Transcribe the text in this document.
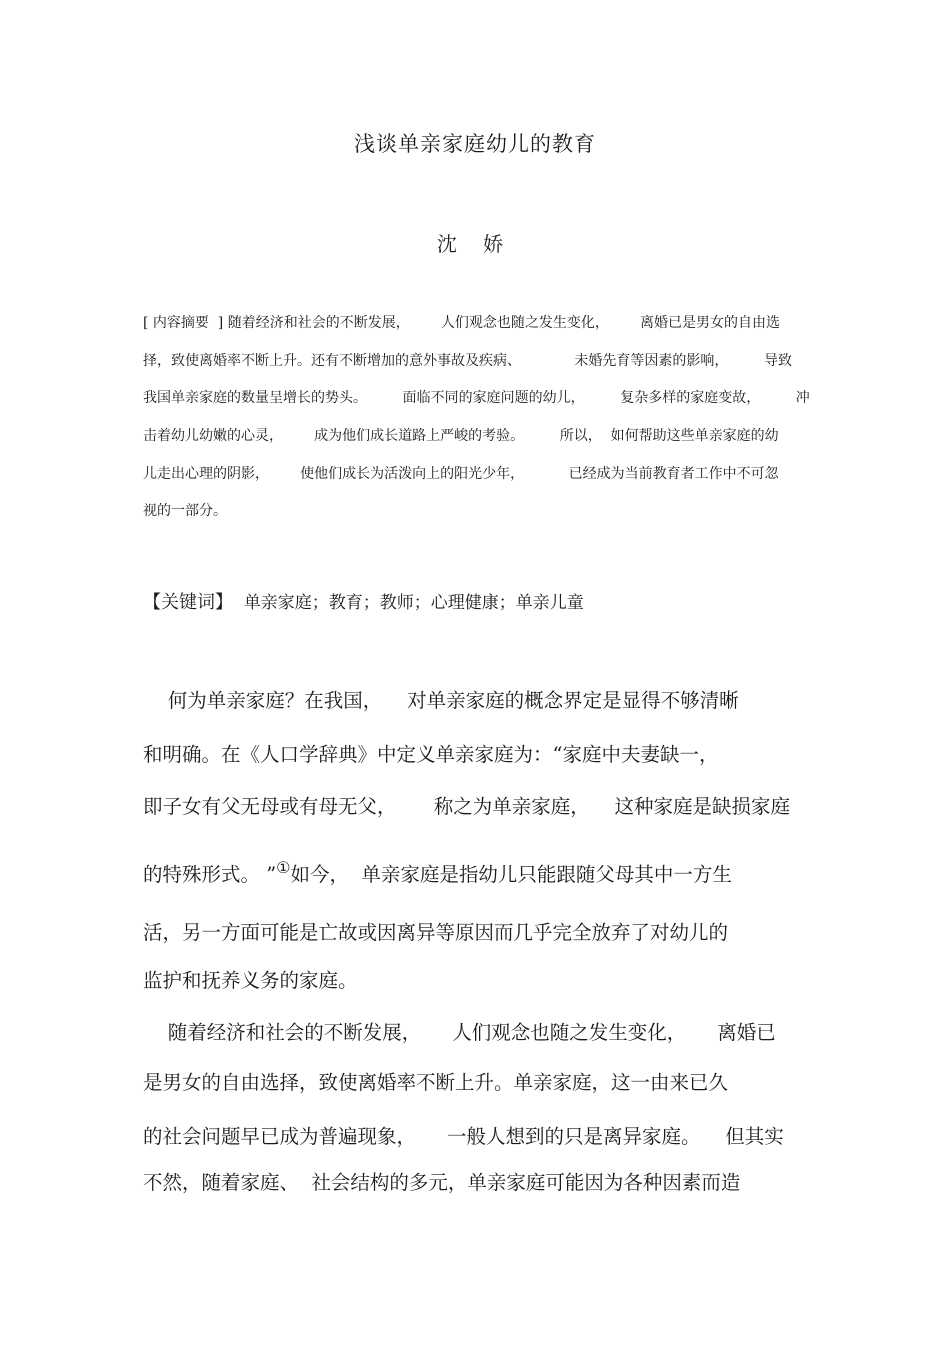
浅谈单亲家庭幼儿的教育
沈 娇
[ 内容摘要  ] 随着经济和社会的不断发展，       人们观念也随之发生变化，       离婚已是男女的自由选
择，致使离婚率不断上升。还有不断增加的意外事故及疾病、            未婚先育等因素的影响，        导致
我国单亲家庭的数量呈增长的势头。        面临不同的家庭问题的幼儿，        复杂多样的家庭变故，        冲
击着幼儿幼嫩的心灵，       成为他们成长道路上严峻的考验。        所以，  如何帮助这些单亲家庭的幼
儿走出心理的阴影，       使他们成长为活泼向上的阳光少年，          已经成为当前教育者工作中不可忽
视的一部分。
【关键词】 单亲家庭；教育；教师；心理健康；单亲儿童
何为单亲家庭？在我国，    对单亲家庭的概念界定是显得不够清晰
和明确。在《人口学辞典》中定义单亲家庭为：“家庭中夫妻缺一，
即子女有父无母或有母无父，      称之为单亲家庭，    这种家庭是缺损家庭
的特殊形式。 ”①如今，  单亲家庭是指幼儿只能跟随父母其中一方生
活，另一方面可能是亡故或因离异等原因而几乎完全放弃了对幼儿的
监护和抚养义务的家庭。
随着经济和社会的不断发展，     人们观念也随之发生变化，     离婚已
是男女的自由选择，致使离婚率不断上升。单亲家庭，这一由来已久
的社会问题早已成为普遍现象，     一般人想到的只是离异家庭。    但其实
不然，随着家庭、  社会结构的多元，单亲家庭可能因为各种因素而造
